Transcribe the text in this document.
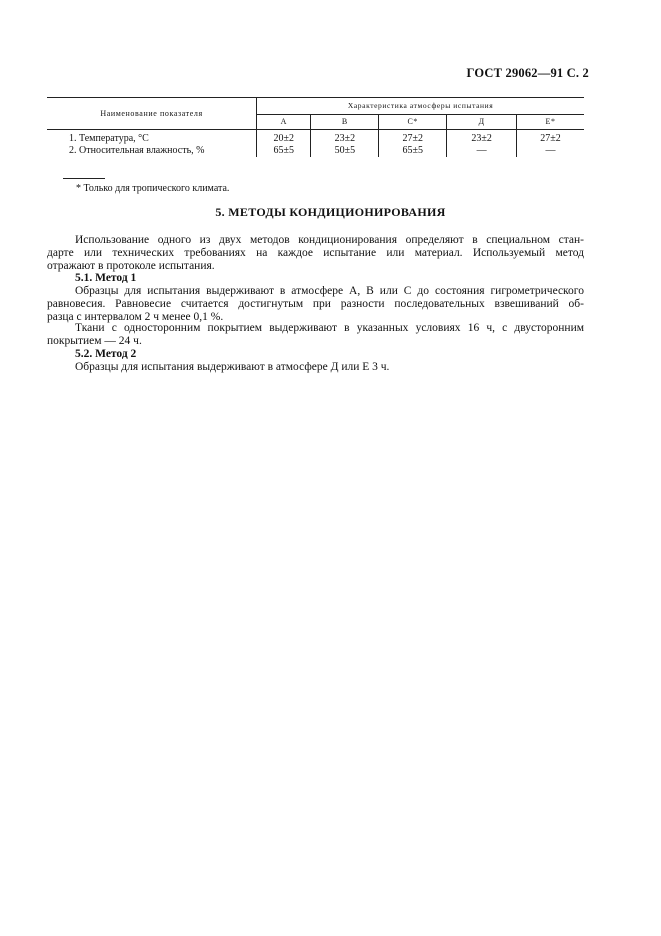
ГОСТ 29062—91 С. 2
Наименование показателя	Характеристика атмосферы испытания				
	А	В	С*	Д	Е*
1. Температура, °С	20±2	23±2	27±2	23±2	27±2
2. Относительная влажность, %	65±5	50±5	65±5	—	—
* Только для тропического климата.
5. МЕТОДЫ КОНДИЦИОНИРОВАНИЯ
Использование одного из двух методов кондиционирования определяют в специальном стан-
дарте или технических требованиях на каждое испытание или материал. Используемый метод
отражают в протоколе испытания.
5.1. Метод 1
Образцы для испытания выдерживают в атмосфере А, В или С до состояния гигрометрического
равновесия. Равновесие считается достигнутым при разности последовательных взвешиваний об-
разца с интервалом 2 ч менее 0,1 %.
Ткани с односторонним покрытием выдерживают в указанных условиях 16 ч, с двусторонним
покрытием — 24 ч.
5.2. Метод 2
Образцы для испытания выдерживают в атмосфере Д или Е 3 ч.
